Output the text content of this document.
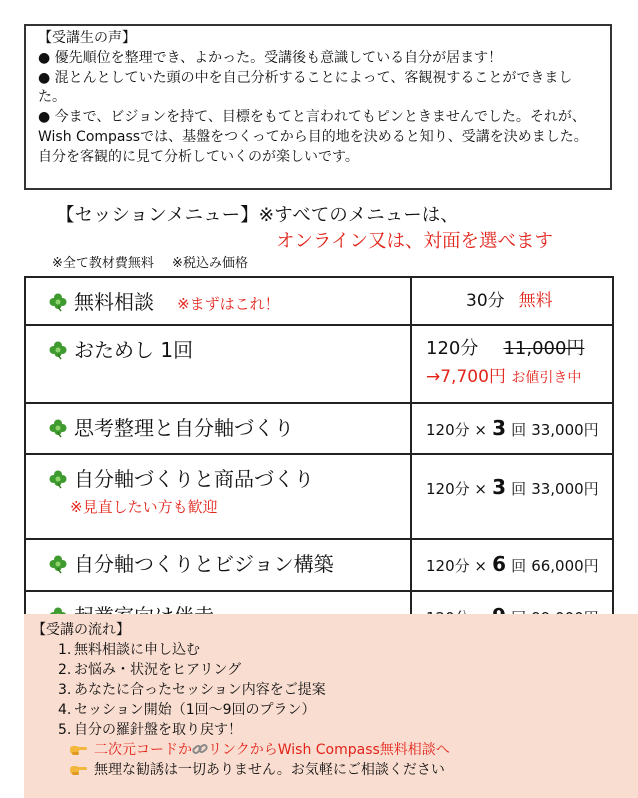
【受講生の声】

● 優先順位を整理でき、よかった。受講後も意識している自分が居ます！

● 混とんとしていた頭の中を自己分析することによって、客観視することができました。

● 今まで、ビジョンを持て、目標をもてと言われてもピンときませんでした。それが、Wish Compassでは、基盤をつくってから目的地を決めると知り、受講を決めました。自分を客観的に見て分析していくのが楽しいです。

【セッションメニュー】※すべてのメニューは、
オンライン又は、対面を選べます
※全て教材費無料 ※税込み価格
無料相談 ※まずはこれ！	30分 無料
おためし 1回	120分 11,000円
→7,700円 お値引き中

思考整理と自分軸づくり	120分 × 3 回 33,000円
自分軸づくりと商品づくり
※見直したい方も歓迎	120分 × 3 回 33,000円
自分軸つくりとビジョン構築	120分 × 6 回 66,000円

【受講の流れ】
1. 無料相談に申し込む
2. お悩み・状況をヒアリング
3. あなたに合ったセッション内容をご提案
4. セッション開始（1回〜9回のプラン）
5. 自分の羅針盤を取り戻す！
二次元コードか リンクからWish Compass無料相談へ
無理な勧誘は一切ありません。お気軽にご相談ください
